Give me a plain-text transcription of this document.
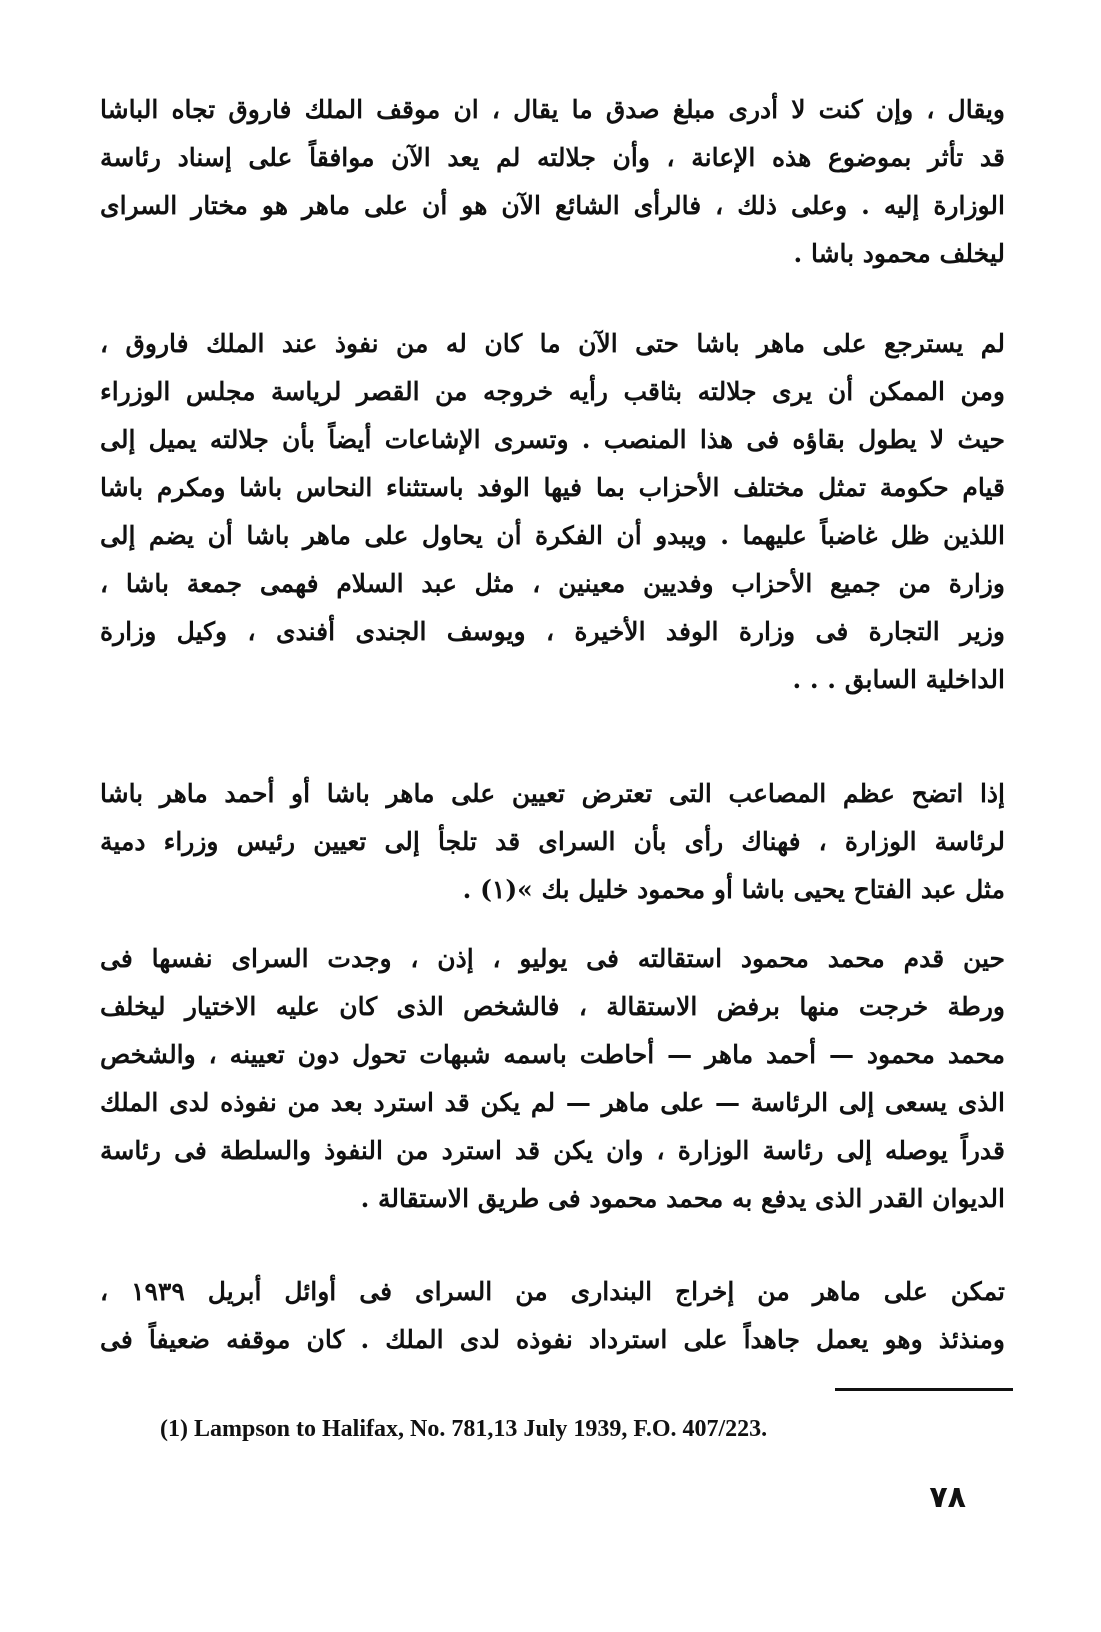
ويقال ، وإن كنت لا أدرى مبلغ صدق ما يقال ، ان موقف الملك فاروق تجاه الباشا
قد تأثر بموضوع هذه الإعانة ، وأن جلالته لم يعد الآن موافقاً على إسناد رئاسة
الوزارة إليه . وعلى ذلك ، فالرأى الشائع الآن هو أن على ماهر هو مختار السراى
ليخلف محمود باشا .
لم يسترجع على ماهر باشا حتى الآن ما كان له من نفوذ عند الملك فاروق ،
ومن الممكن أن يرى جلالته بثاقب رأيه خروجه من القصر لرياسة مجلس الوزراء
حيث لا يطول بقاؤه فى هذا المنصب . وتسرى الإشاعات أيضاً بأن جلالته يميل إلى
قيام حكومة تمثل مختلف الأحزاب بما فيها الوفد باستثناء النحاس باشا ومكرم باشا
اللذين ظل غاضباً عليهما . ويبدو أن الفكرة أن يحاول على ماهر باشا أن يضم إلى
وزارة من جميع الأحزاب وفديين معينين ، مثل عبد السلام فهمى جمعة باشا ،
وزير التجارة فى وزارة الوفد الأخيرة ، ويوسف الجندى أفندى ، وكيل وزارة
الداخلية السابق . . .
إذا اتضح عظم المصاعب التى تعترض تعيين على ماهر باشا أو أحمد ماهر باشا
لرئاسة الوزارة ، فهناك رأى بأن السراى قد تلجأ إلى تعيين رئيس وزراء دمية
مثل عبد الفتاح يحيى باشا أو محمود خليل بك »(١) .
حين قدم محمد محمود استقالته فى يوليو ، إذن ، وجدت السراى نفسها فى
ورطة خرجت منها برفض الاستقالة ، فالشخص الذى كان عليه الاختيار ليخلف
محمد محمود — أحمد ماهر — أحاطت باسمه شبهات تحول دون تعيينه ، والشخص
الذى يسعى إلى الرئاسة — على ماهر — لم يكن قد استرد بعد من نفوذه لدى الملك
قدراً يوصله إلى رئاسة الوزارة ، وان يكن قد استرد من النفوذ والسلطة فى رئاسة
الديوان القدر الذى يدفع به محمد محمود فى طريق الاستقالة .
تمكن على ماهر من إخراج البندارى من السراى فى أوائل أبريل ١٩٣٩ ،
ومنذئذ وهو يعمل جاهداً على استرداد نفوذه لدى الملك . كان موقفه ضعيفاً فى

(1) Lampson to Halifax, No. 781,13 July 1939, F.O. 407/223.

٧٨
